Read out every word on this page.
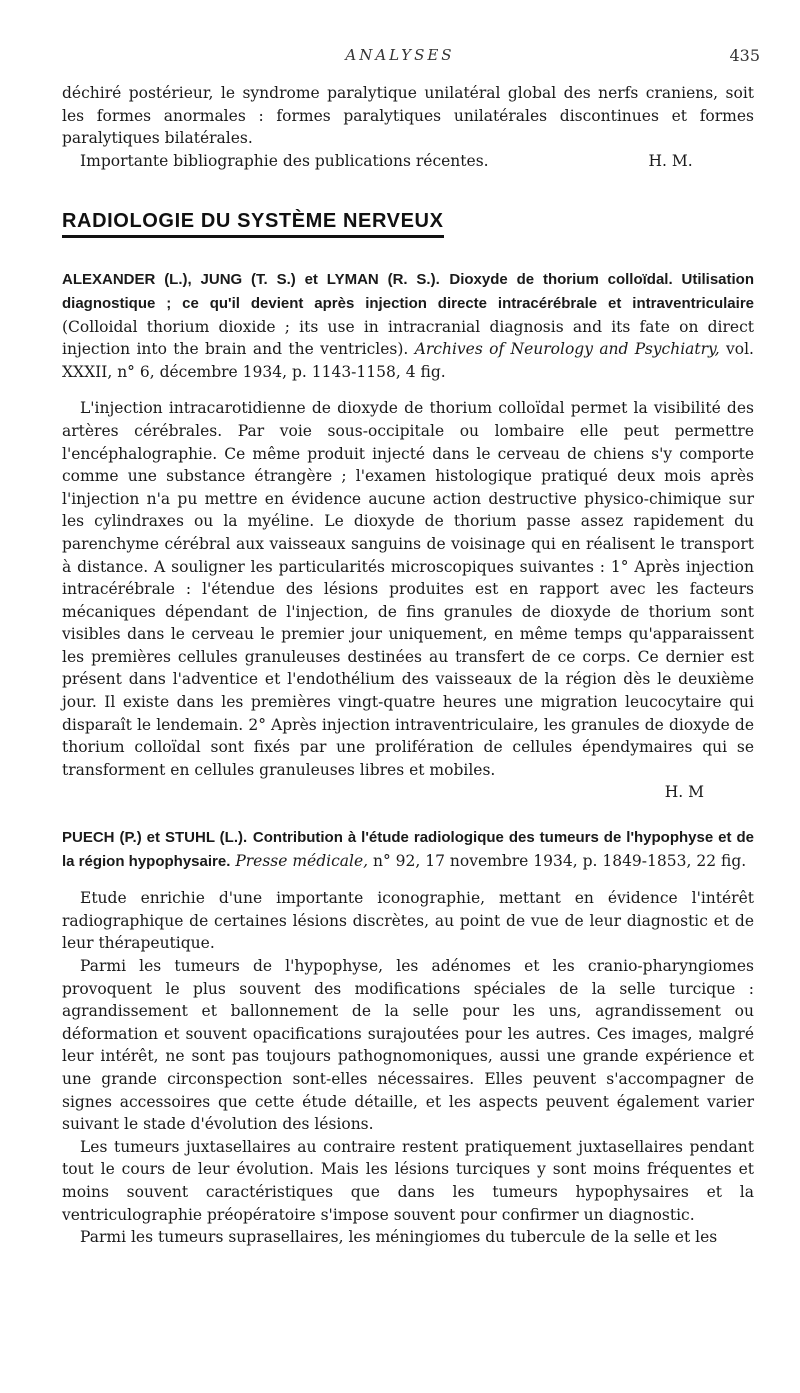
ANALYSES	435

déchiré postérieur, le syndrome paralytique unilatéral global des nerfs craniens, soit les formes anormales : formes paralytiques unilatérales discontinues et formes paralytiques bilatérales.

Importante bibliographie des publications récentes.	H. M.

RADIOLOGIE DU SYSTÈME NERVEUX

ALEXANDER (L.), JUNG (T. S.) et LYMAN (R. S.). Dioxyde de thorium colloïdal. Utilisation diagnostique ; ce qu'il devient après injection directe intracérébrale et intraventriculaire (Colloidal thorium dioxide ; its use in intracranial diagnosis and its fate on direct injection into the brain and the ventricles). Archives of Neurology and Psychiatry, vol. XXXII, n° 6, décembre 1934, p. 1143-1158, 4 fig.

L'injection intracarotidienne de dioxyde de thorium colloïdal permet la visibilité des artères cérébrales. Par voie sous-occipitale ou lombaire elle peut permettre l'encéphalographie. Ce même produit injecté dans le cerveau de chiens s'y comporte comme une substance étrangère ; l'examen histologique pratiqué deux mois après l'injection n'a pu mettre en évidence aucune action destructive physico-chimique sur les cylindraxes ou la myéline. Le dioxyde de thorium passe assez rapidement du parenchyme cérébral aux vaisseaux sanguins de voisinage qui en réalisent le transport à distance. A souligner les particularités microscopiques suivantes : 1° Après injection intracérébrale : l'étendue des lésions produites est en rapport avec les facteurs mécaniques dépendant de l'injection, de fins granules de dioxyde de thorium sont visibles dans le cerveau le premier jour uniquement, en même temps qu'apparaissent les premières cellules granuleuses destinées au transfert de ce corps. Ce dernier est présent dans l'adventice et l'endothélium des vaisseaux de la région dès le deuxième jour. Il existe dans les premières vingt-quatre heures une migration leucocytaire qui disparaît le lendemain. 2° Après injection intraventriculaire, les granules de dioxyde de thorium colloïdal sont fixés par une prolifération de cellules épendymaires qui se transforment en cellules granuleuses libres et mobiles.

H. M

PUECH (P.) et STUHL (L.). Contribution à l'étude radiologique des tumeurs de l'hypophyse et de la région hypophysaire. Presse médicale, n° 92, 17 novembre 1934, p. 1849-1853, 22 fig.

Etude enrichie d'une importante iconographie, mettant en évidence l'intérêt radiographique de certaines lésions discrètes, au point de vue de leur diagnostic et de leur thérapeutique.

Parmi les tumeurs de l'hypophyse, les adénomes et les cranio-pharyngiomes provoquent le plus souvent des modifications spéciales de la selle turcique : agrandissement et ballonnement de la selle pour les uns, agrandissement ou déformation et souvent opacifications surajoutées pour les autres. Ces images, malgré leur intérêt, ne sont pas toujours pathognomoniques, aussi une grande expérience et une grande circonspection sont-elles nécessaires. Elles peuvent s'accompagner de signes accessoires que cette étude détaille, et les aspects peuvent également varier suivant le stade d'évolution des lésions.

Les tumeurs juxtasellaires au contraire restent pratiquement juxtasellaires pendant tout le cours de leur évolution. Mais les lésions turciques y sont moins fréquentes et moins souvent caractéristiques que dans les tumeurs hypophysaires et la ventriculographie préopératoire s'impose souvent pour confirmer un diagnostic.

Parmi les tumeurs suprasellaires, les méningiomes du tubercule de la selle et les
